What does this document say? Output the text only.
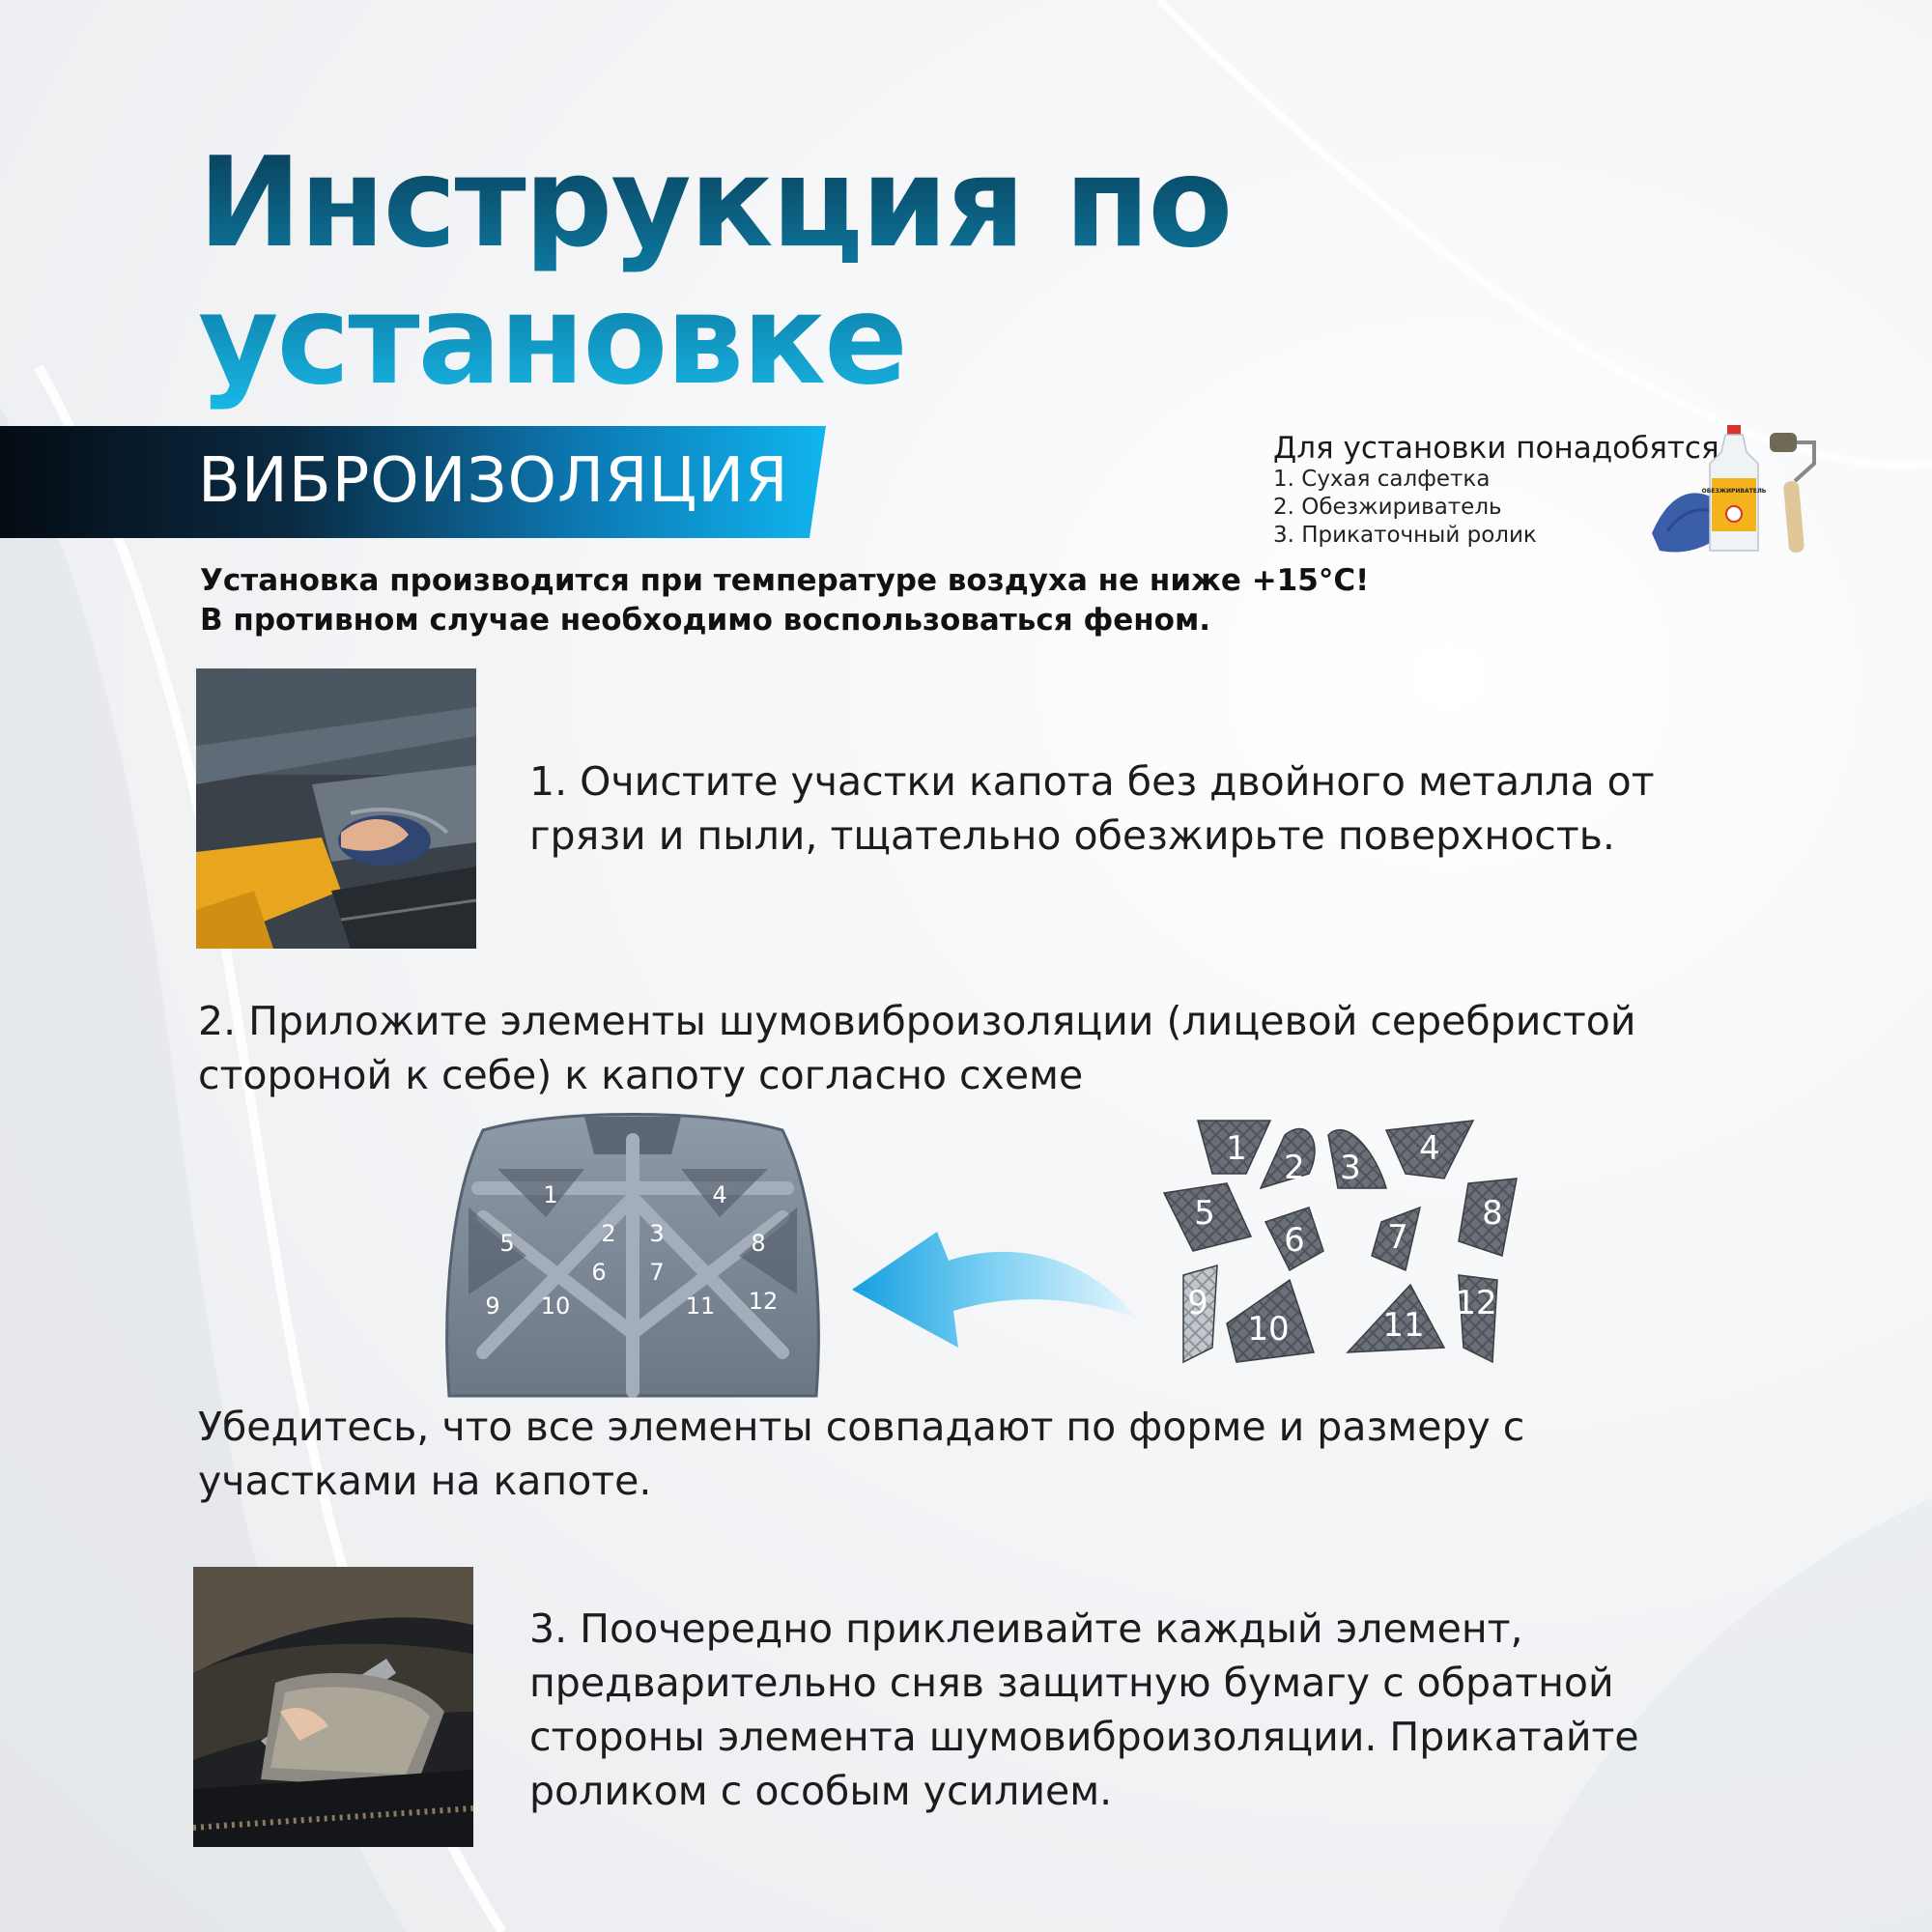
Инструкция по
установке
ВИБРОИЗОЛЯЦИЯ	Для установки понадобятся
1. Сухая салфетка
2. Обезжириватель
3. Прикаточный ролик
ОБЕЗЖИРИВАТЕЛЬ
Установка производится при температуре воздуха не ниже +15°С!
В противном случае необходимо воспользоваться феном.
1. Очистите участки капота без двойного металла от
грязи и пыли, тщательно обезжирьте поверхность.
2. Приложите элементы шумовиброизоляции (лицевой серебристой
стороной к себе) к капоту согласно схеме
1
2 3
4
5
6 7
8
9 10	11 12
1 2 3 4
5
6	7
8
9
10	11
12
Убедитесь, что все элементы совпадают по форме и размеру с
участками на капоте.
3. Поочередно приклеивайте каждый элемент,
предварительно сняв защитную бумагу с обратной
стороны элемента шумовиброизоляции. Прикатайте
роликом с особым усилием.
